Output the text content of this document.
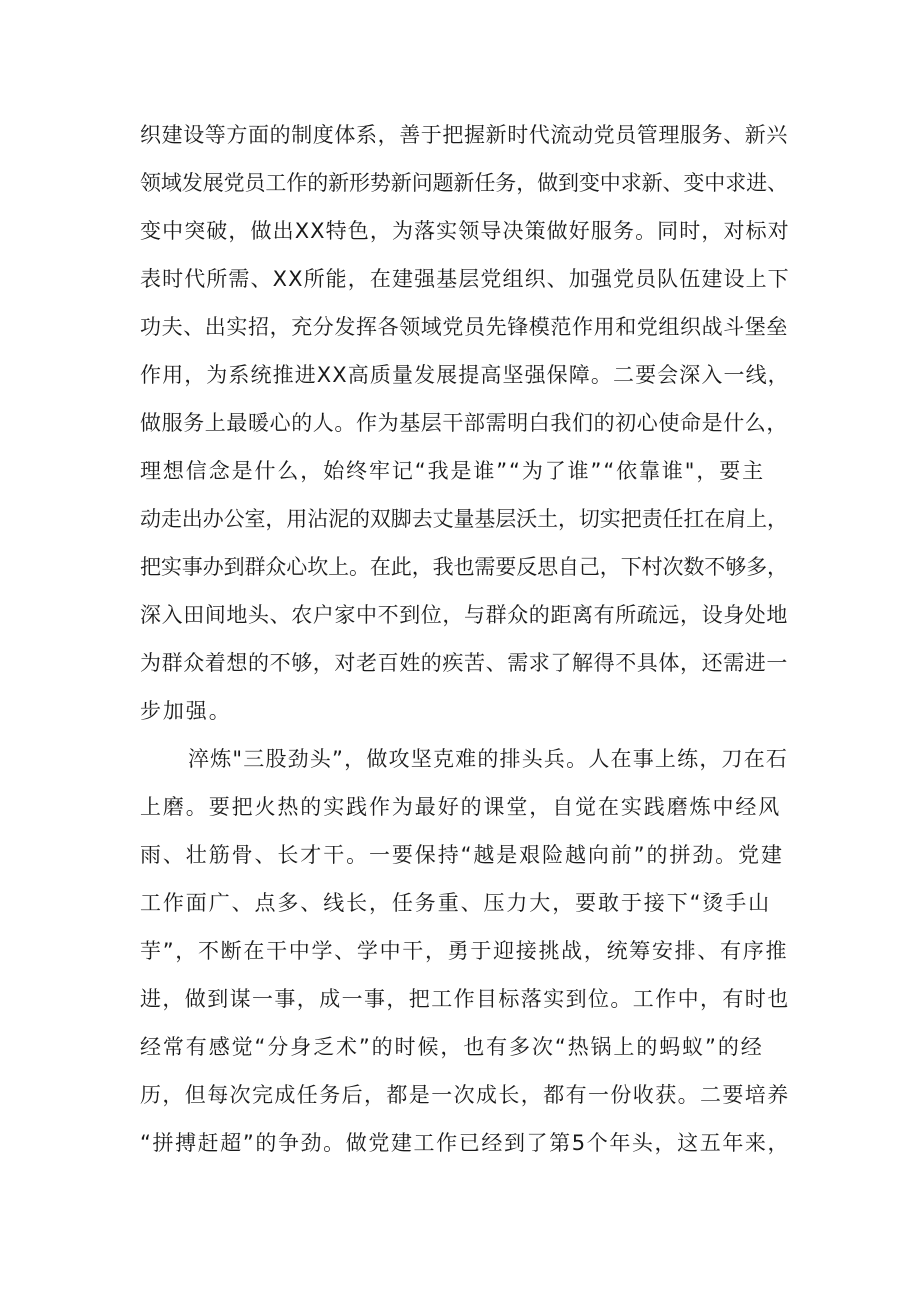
织建设等方面的制度体系，善于把握新时代流动党员管理服务、新兴
领域发展党员工作的新形势新问题新任务，做到变中求新、变中求进、
变中突破，做出XX特色，为落实领导决策做好服务。同时，对标对
表时代所需、XX所能，在建强基层党组织、加强党员队伍建设上下
功夫、出实招，充分发挥各领域党员先锋模范作用和党组织战斗堡垒
作用，为系统推进XX高质量发展提高坚强保障。二要会深入一线，
做服务上最暖心的人。作为基层干部需明白我们的初心使命是什么，
理想信念是什么，始终牢记“我是谁”“为了谁”“依靠谁"，要主
动走出办公室，用沾泥的双脚去丈量基层沃土，切实把责任扛在肩上，
把实事办到群众心坎上。在此，我也需要反思自己，下村次数不够多，
深入田间地头、农户家中不到位，与群众的距离有所疏远，设身处地
为群众着想的不够，对老百姓的疾苦、需求了解得不具体，还需进一
步加强。
淬炼"三股劲头”，做攻坚克难的排头兵。人在事上练，刀在石
上磨。要把火热的实践作为最好的课堂，自觉在实践磨炼中经风
雨、壮筋骨、长才干。一要保持“越是艰险越向前”的拼劲。党建
工作面广、点多、线长，任务重、压力大，要敢于接下“烫手山
芋”，不断在干中学、学中干，勇于迎接挑战，统筹安排、有序推
进，做到谋一事，成一事，把工作目标落实到位。工作中，有时也
经常有感觉“分身乏术”的时候，也有多次“热锅上的蚂蚁”的经
历，但每次完成任务后，都是一次成长，都有一份收获。二要培养
“拼搏赶超”的争劲。做党建工作已经到了第5个年头，这五年来，
